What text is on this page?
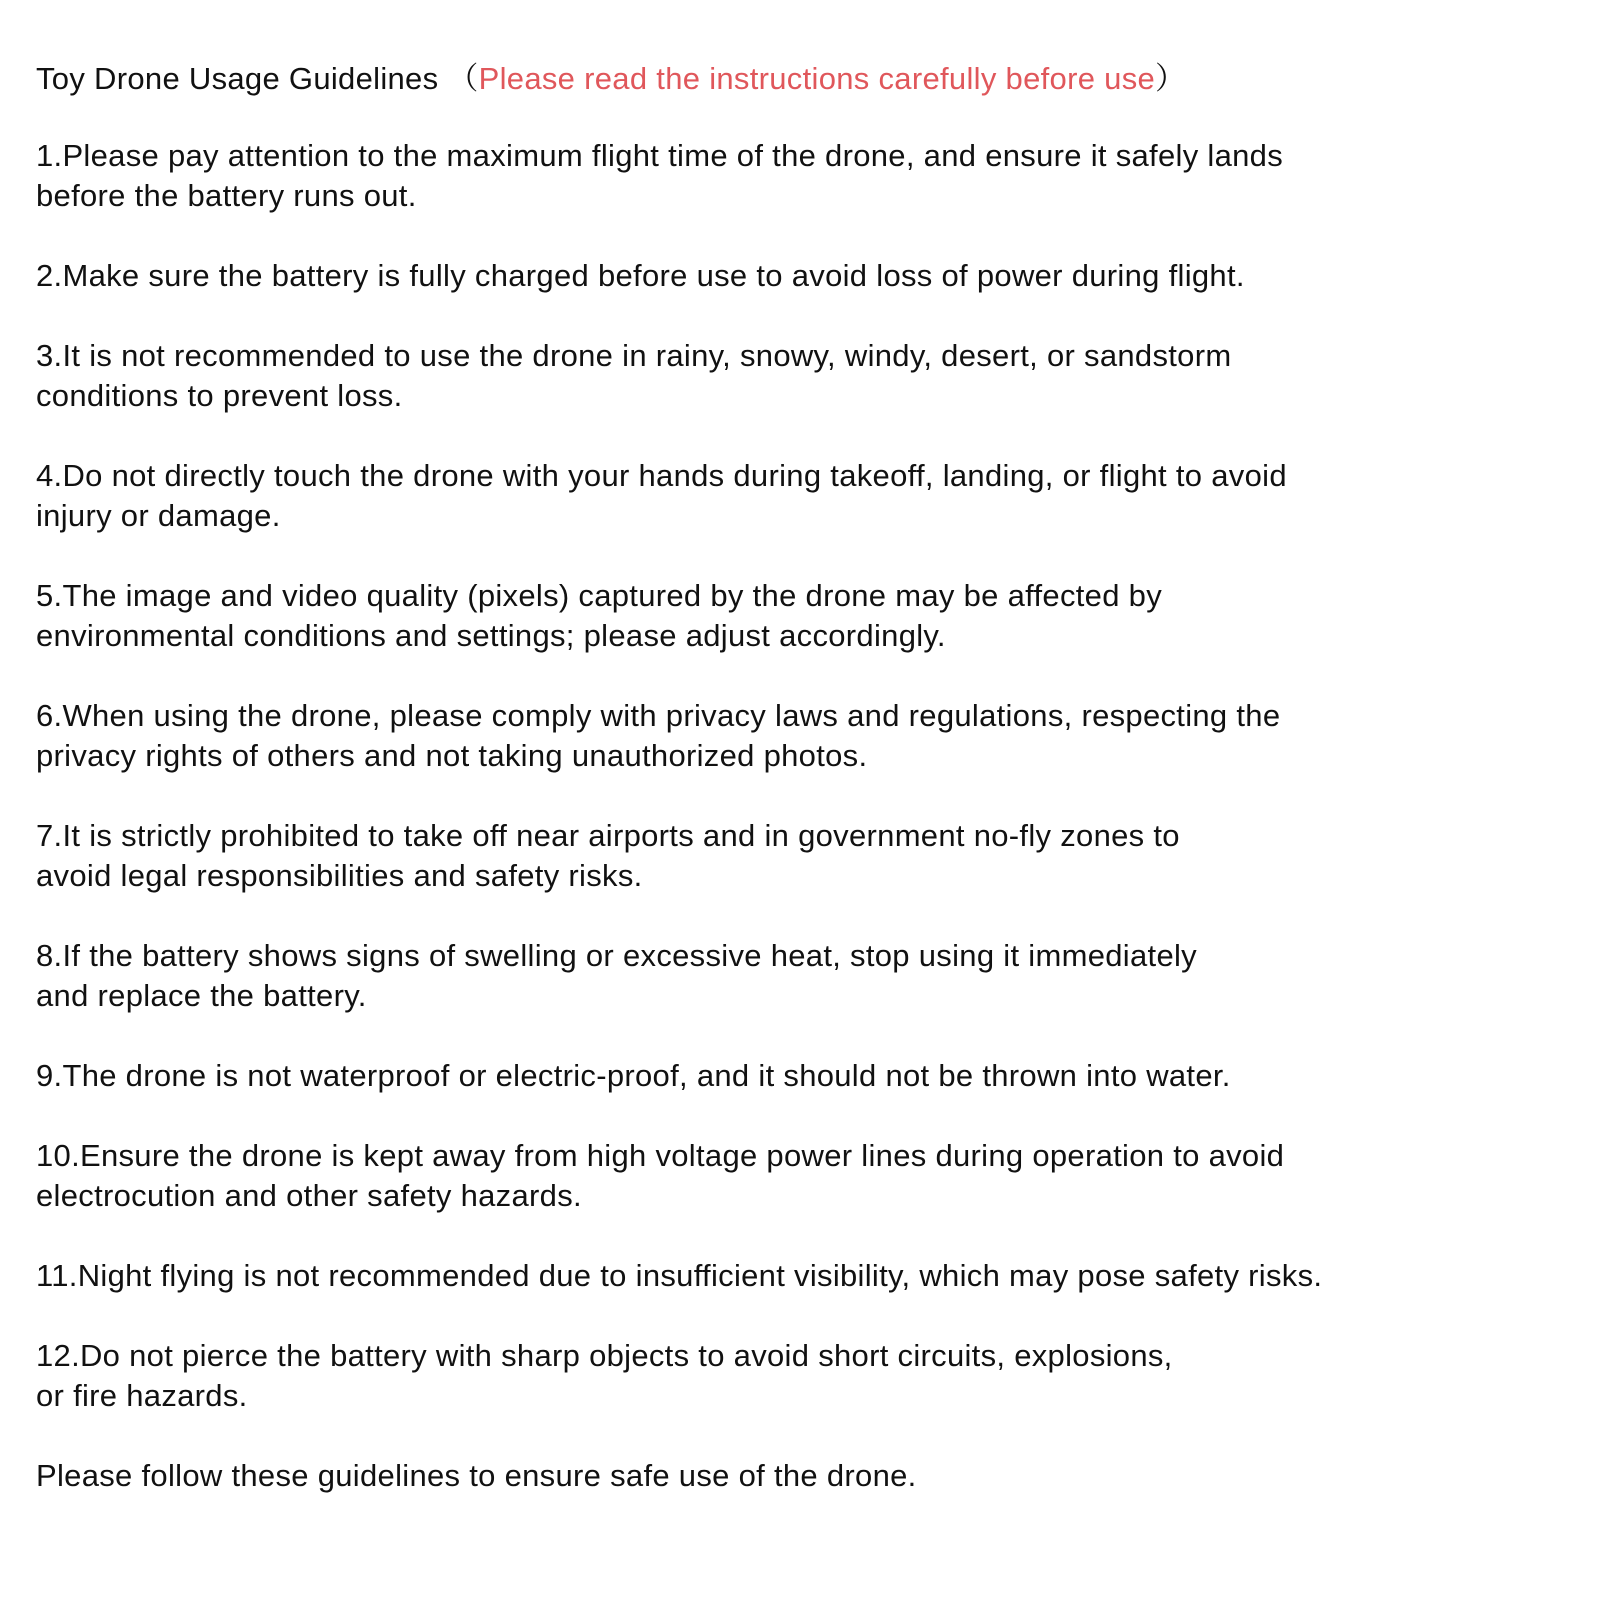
Toy Drone Usage Guidelines （Please read the instructions carefully before use）
1.Please pay attention to the maximum flight time of the drone, and ensure it safely lands
before the battery runs out.
2.Make sure the battery is fully charged before use to avoid loss of power during flight.
3.It is not recommended to use the drone in rainy, snowy, windy, desert, or sandstorm
conditions to prevent loss.
4.Do not directly touch the drone with your hands during takeoff, landing, or flight to avoid
injury or damage.
5.The image and video quality (pixels) captured by the drone may be affected by
environmental conditions and settings; please adjust accordingly.
6.When using the drone, please comply with privacy laws and regulations, respecting the
privacy rights of others and not taking unauthorized photos.
7.It is strictly prohibited to take off near airports and in government no-fly zones to
avoid legal responsibilities and safety risks.
8.If the battery shows signs of swelling or excessive heat, stop using it immediately
and replace the battery.
9.The drone is not waterproof or electric-proof, and it should not be thrown into water.
10.Ensure the drone is kept away from high voltage power lines during operation to avoid
electrocution and other safety hazards.
11.Night flying is not recommended due to insufficient visibility, which may pose safety risks.
12.Do not pierce the battery with sharp objects to avoid short circuits, explosions,
or fire hazards.
Please follow these guidelines to ensure safe use of the drone.
